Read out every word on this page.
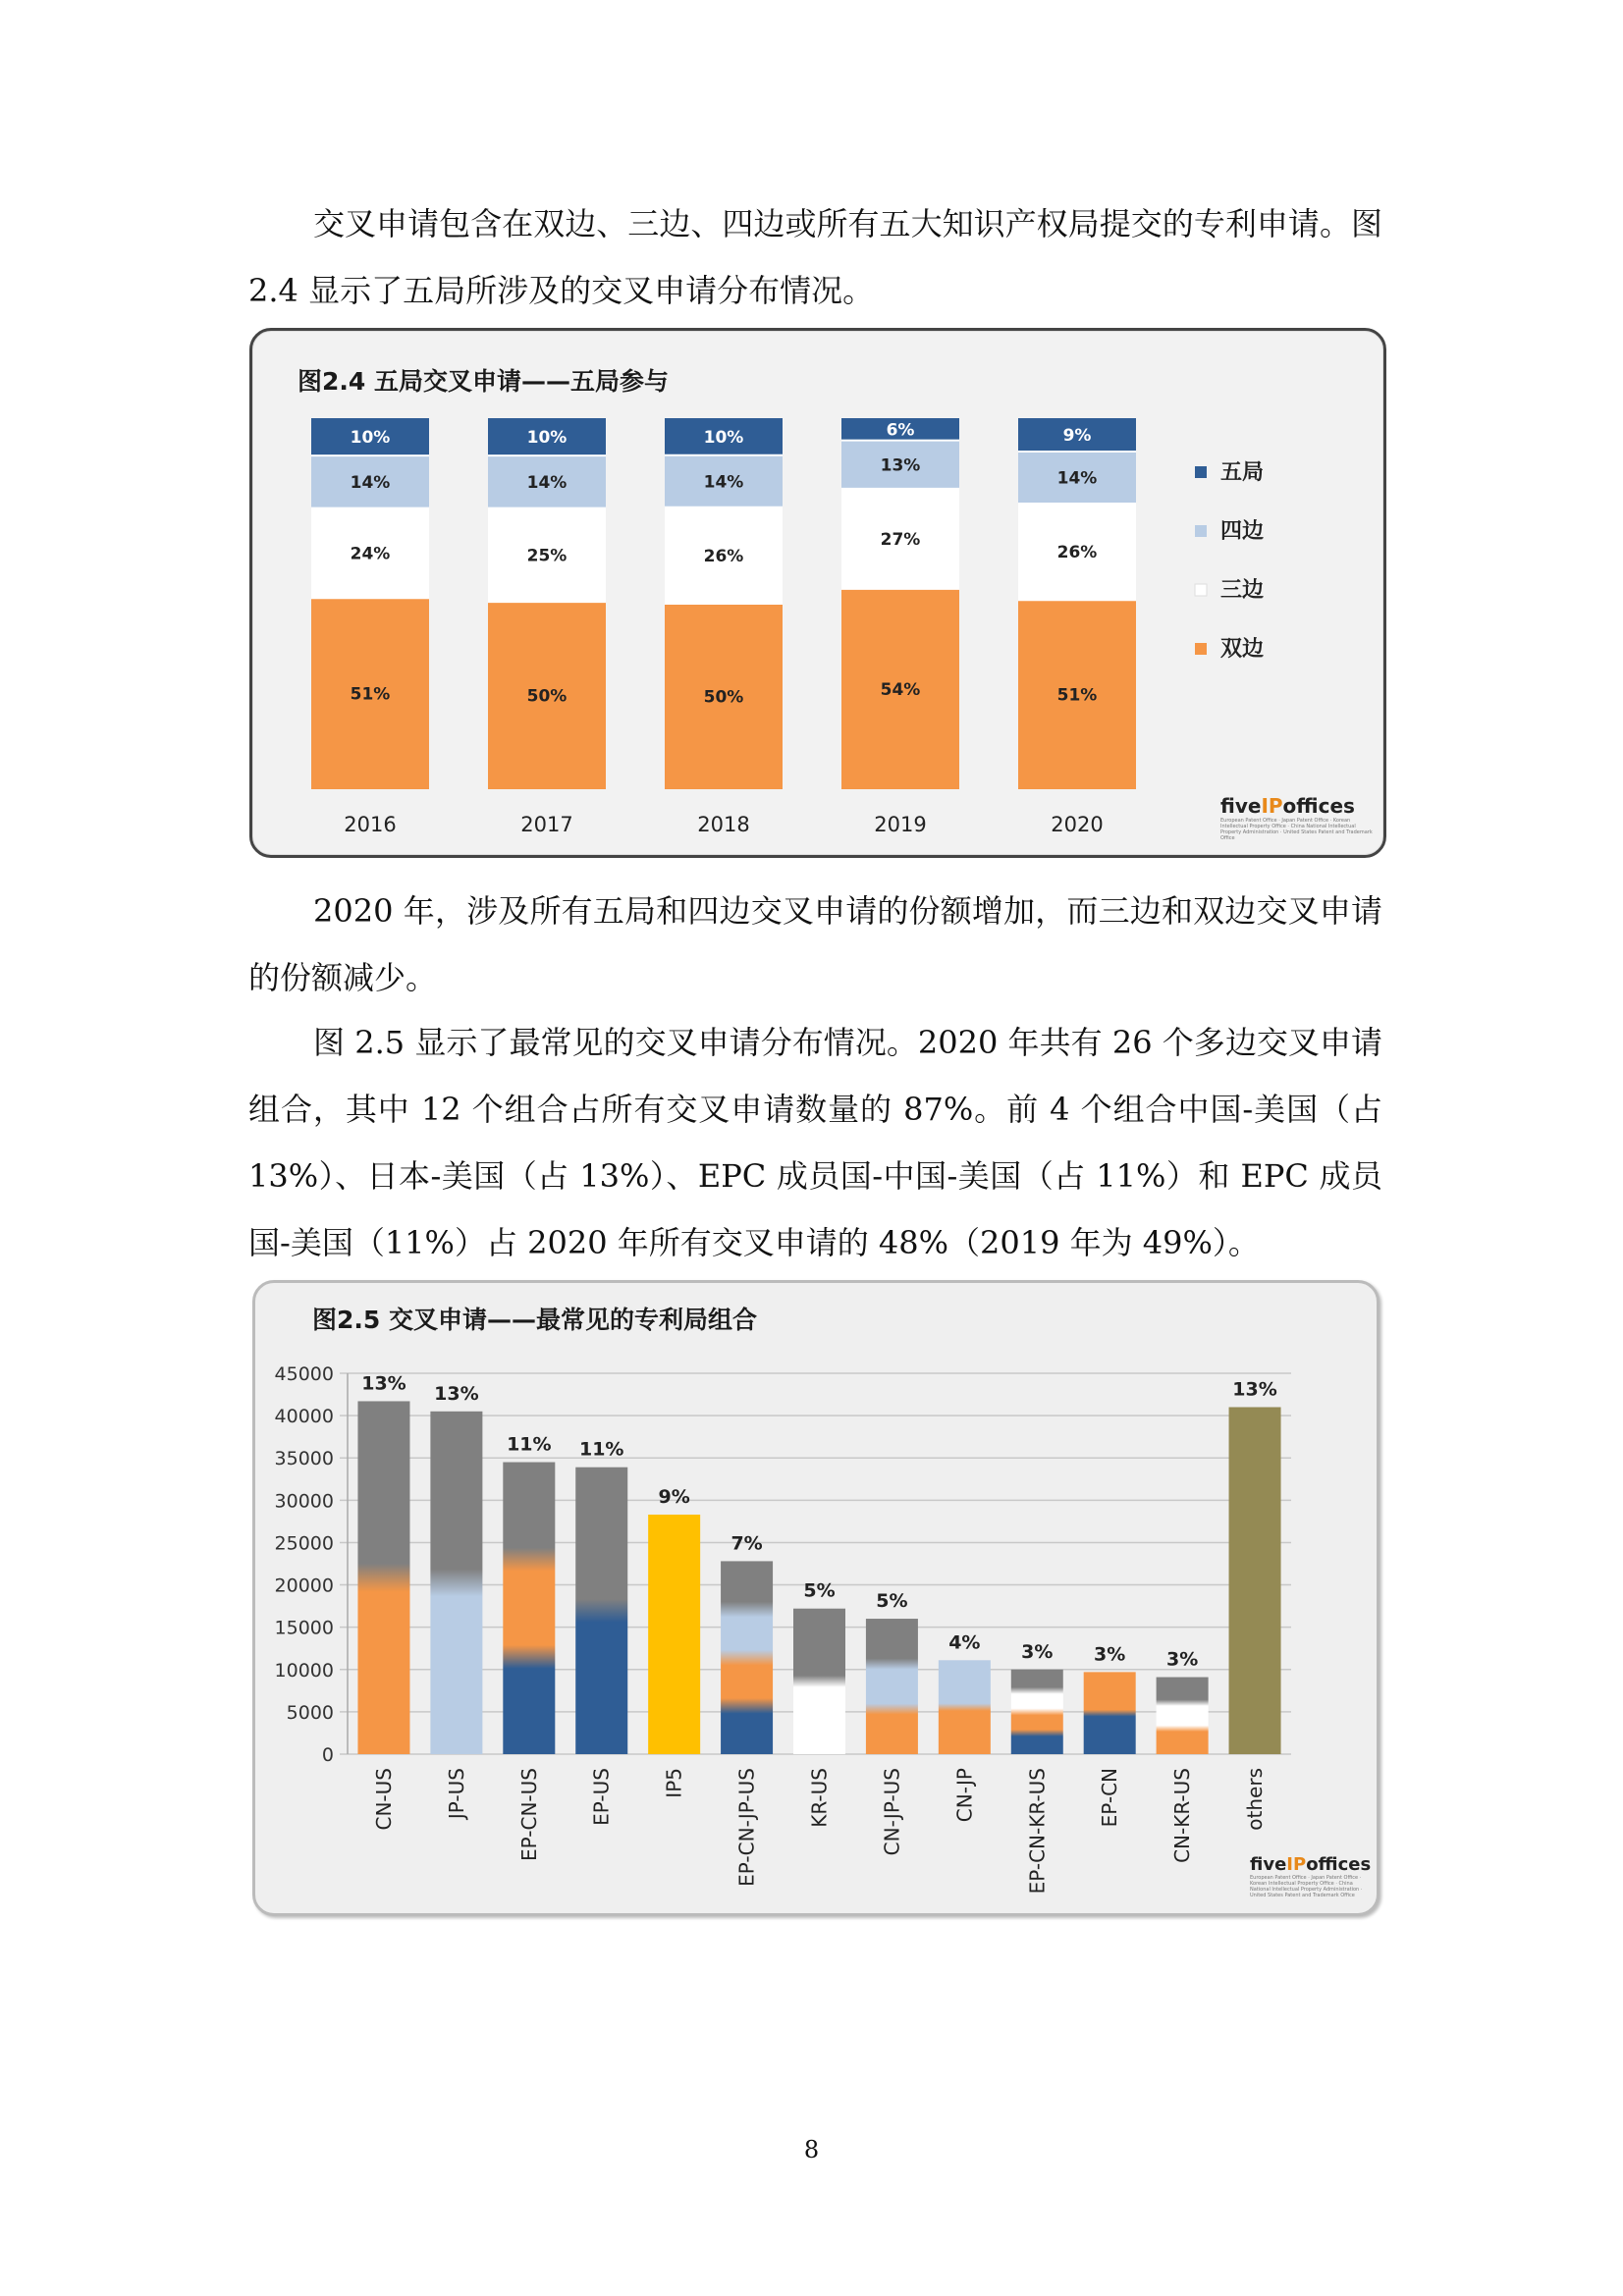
交叉申请包含在双边、三边、四边或所有五大知识产权局提交的专利申请。图 2.4 显示了五局所涉及的交叉申请分布情况。

图2.4 五局交叉申请——五局参与

51%
24%
14%
10%
2016
50%
25%
14%
10%
2017
50%
26%
14%
10%
2018
54%
27%
13%
6%
2019
51%
26%
14%
9%
2020
五局
四边
三边
双边
fiveIPoffices
European Patent Office · Japan Patent Office · Korean Intellectual Property Office · China National Intellectual Property Administration · United States Patent and Trademark Office

2020 年，涉及所有五局和四边交叉申请的份额增加，而三边和双边交叉申请的份额减少。

图 2.5 显示了最常见的交叉申请分布情况。2020 年共有 26 个多边交叉申请组合，其中 12 个组合占所有交叉申请数量的 87%。前 4 个组合中国-美国（占 13%）、日本-美国（占 13%）、EPC 成员国-中国-美国（占 11%）和 EPC 成员国-美国（11%）占 2020 年所有交叉申请的 48%（2019 年为 49%）。

图2.5 交叉申请——最常见的专利局组合

0
5000
10000
15000
20000
25000
30000
35000
40000
45000 13%
CN-US
13%
JP-US
11%
EP-CN-US
11%
EP-US
9%
IP5
7%
EP-CN-JP-US
5%
KR-US
5%
CN-JP-US
4%
CN-JP
3%
EP-CN-KR-US
3%
EP-CN
3%
CN-KR-US
13%
others
fiveIPoffices
European Patent Office · Japan Patent Office · Korean Intellectual Property Office · China National Intellectual Property Administration · United States Patent and Trademark Office
8
